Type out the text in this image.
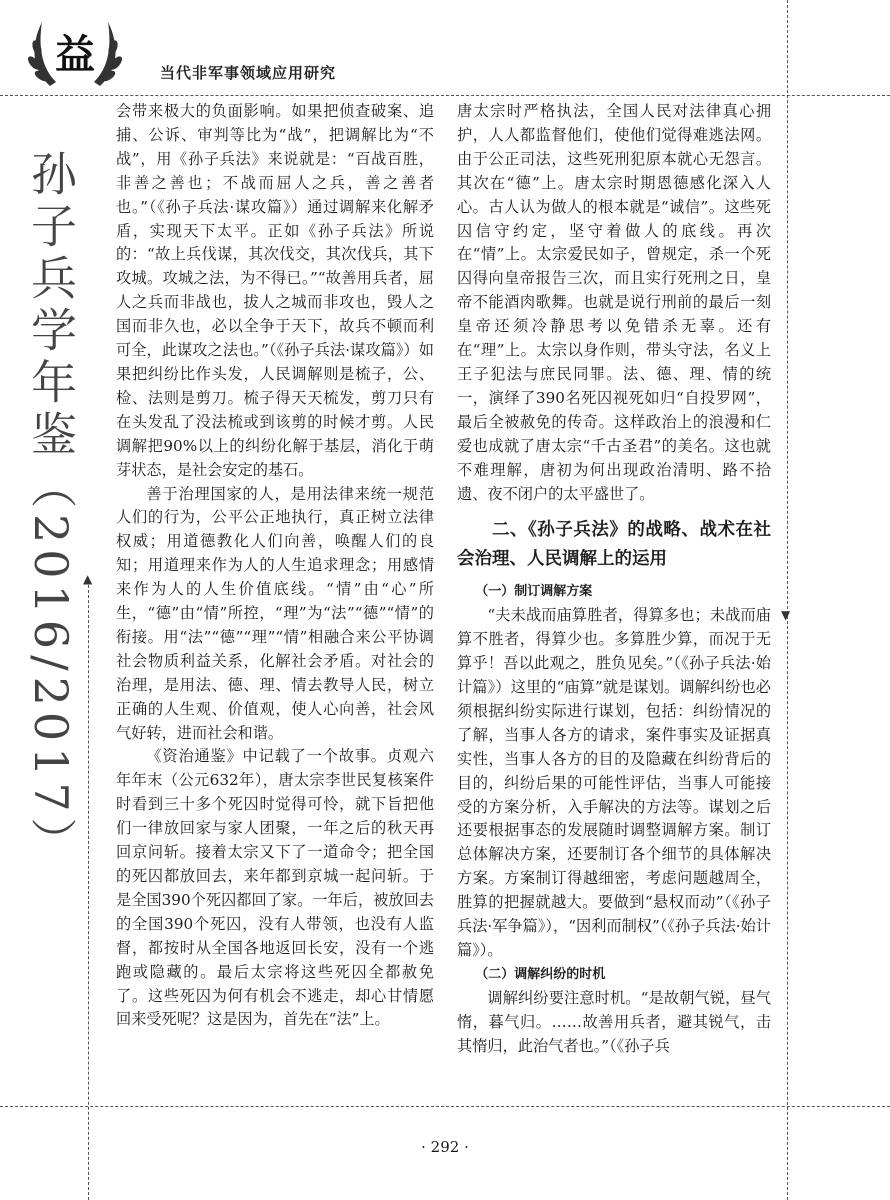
▲
▼
益	当代非军事领域应用研究
孙子兵学年鉴（2016/2017）

会带来极大的负面影响。如果把侦查破案、追捕、公诉、审判等比为“战”，把调解比为“不战”，用《孙子兵法》来说就是：“百战百胜，非善之善也；不战而屈人之兵，善之善者也。”（《孙子兵法·谋攻篇》）通过调解来化解矛盾，实现天下太平。正如《孙子兵法》所说的：“故上兵伐谋，其次伐交，其次伐兵，其下攻城。攻城之法，为不得已。”“故善用兵者，屈人之兵而非战也，拔人之城而非攻也，毁人之国而非久也，必以全争于天下，故兵不顿而利可全，此谋攻之法也。”（《孙子兵法·谋攻篇》）如果把纠纷比作头发，人民调解则是梳子，公、检、法则是剪刀。梳子得天天梳发，剪刀只有在头发乱了没法梳或到该剪的时候才剪。人民调解把90%以上的纠纷化解于基层，消化于萌芽状态，是社会安定的基石。

善于治理国家的人，是用法律来统一规范人们的行为，公平公正地执行，真正树立法律权威；用道德教化人们向善，唤醒人们的良知；用道理来作为人的人生追求理念；用感情来作为人的人生价值底线。“情”由“心”所生，“德”由“情”所控，“理”为“法”“德”“情”的衔接。用“法”“德”“理”“情”相融合来公平协调社会物质利益关系，化解社会矛盾。对社会的治理，是用法、德、理、情去教导人民，树立正确的人生观、价值观，使人心向善，社会风气好转，进而社会和谐。

《资治通鉴》中记载了一个故事。贞观六年年末（公元632年），唐太宗李世民复核案件时看到三十多个死囚时觉得可怜，就下旨把他们一律放回家与家人团聚，一年之后的秋天再回京问斩。接着太宗又下了一道命令；把全国的死囚都放回去，来年都到京城一起问斩。于是全国390个死囚都回了家。一年后，被放回去的全国390个死囚，没有人带领，也没有人监督，都按时从全国各地返回长安，没有一个逃跑或隐藏的。最后太宗将这些死囚全都赦免了。这些死囚为何有机会不逃走，却心甘情愿回来受死呢？这是因为，首先在“法”上。

唐太宗时严格执法，全国人民对法律真心拥护，人人都监督他们，使他们觉得难逃法网。由于公正司法，这些死刑犯原本就心无怨言。其次在“德”上。唐太宗时期恩德感化深入人心。古人认为做人的根本就是“诚信”。这些死囚信守约定，坚守着做人的底线。再次在“情”上。太宗爱民如子，曾规定，杀一个死囚得向皇帝报告三次，而且实行死刑之日，皇帝不能酒肉歌舞。也就是说行刑前的最后一刻皇帝还须冷静思考以免错杀无辜。还有在“理”上。太宗以身作则，带头守法，名义上王子犯法与庶民同罪。法、德、理、情的统一，演绎了390名死囚视死如归“自投罗网”，最后全被赦免的传奇。这样政治上的浪漫和仁爱也成就了唐太宗“千古圣君”的美名。这也就不难理解，唐初为何出现政治清明、路不拾遗、夜不闭户的太平盛世了。

二、《孙子兵法》的战略、战术在社会治理、人民调解上的运用

（一）制订调解方案

“夫未战而庙算胜者，得算多也；未战而庙算不胜者，得算少也。多算胜少算，而况于无算乎！吾以此观之，胜负见矣。”（《孙子兵法·始计篇》）这里的“庙算”就是谋划。调解纠纷也必须根据纠纷实际进行谋划，包括：纠纷情况的了解，当事人各方的请求，案件事实及证据真实性，当事人各方的目的及隐藏在纠纷背后的目的，纠纷后果的可能性评估，当事人可能接受的方案分析，入手解决的方法等。谋划之后还要根据事态的发展随时调整调解方案。制订总体解决方案，还要制订各个细节的具体解决方案。方案制订得越细密，考虑问题越周全，胜算的把握就越大。要做到“悬权而动”（《孙子兵法·军争篇》），“因利而制权”（《孙子兵法·始计篇》）。

（二）调解纠纷的时机

调解纠纷要注意时机。“是故朝气锐，昼气惰，暮气归。……故善用兵者，避其锐气，击其惰归，此治气者也。”（《孙子兵

· 292 ·
